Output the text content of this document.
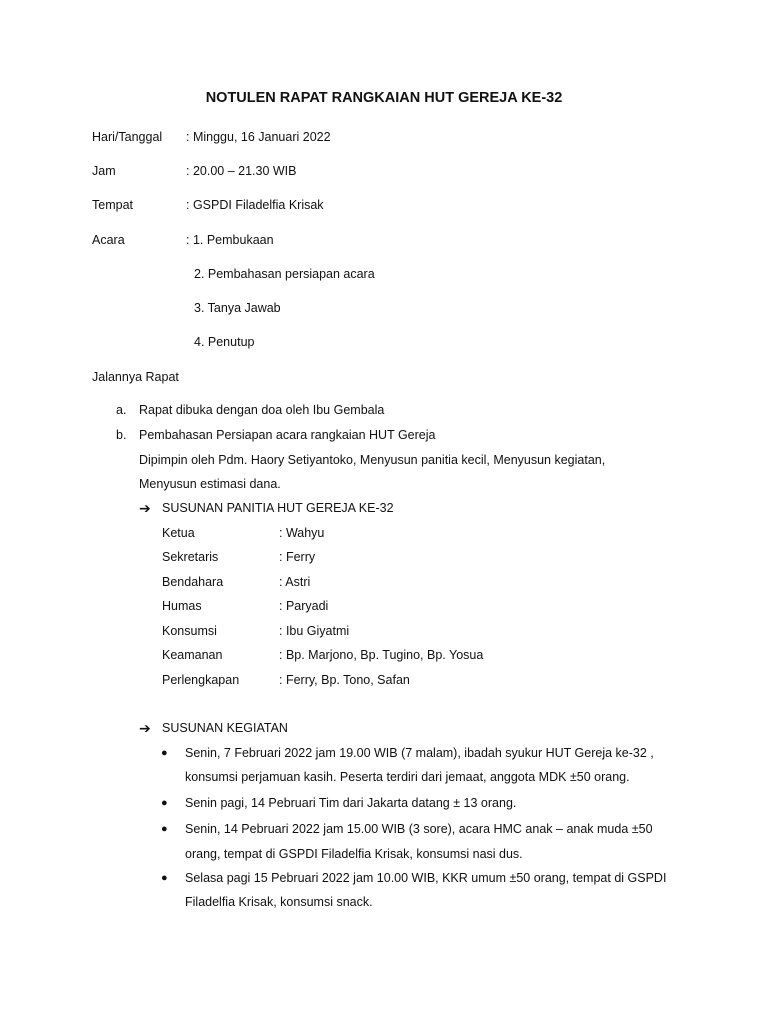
NOTULEN RAPAT RANGKAIAN HUT GEREJA KE-32
Hari/Tanggal : Minggu, 16 Januari 2022
Jam	: 20.00 – 21.30 WIB
Tempat	: GSPDI Filadelfia Krisak
Acara	: 1. Pembukaan
2. Pembahasan persiapan acara
3. Tanya Jawab
4. Penutup
Jalannya Rapat
a. Rapat dibuka dengan doa oleh Ibu Gembala
b. Pembahasan Persiapan acara rangkaian HUT Gereja
Dipimpin oleh Pdm. Haory Setiyantoko, Menyusun panitia kecil, Menyusun kegiatan,
Menyusun estimasi dana.
➔ SUSUNAN PANITIA HUT GEREJA KE-32
Ketua	: Wahyu
Sekretaris	: Ferry
Bendahara	: Astri
Humas	: Paryadi
Konsumsi	: Ibu Giyatmi
Keamanan	: Bp. Marjono, Bp. Tugino, Bp. Yosua
Perlengkapan	: Ferry, Bp. Tono, Safan
➔ SUSUNAN KEGIATAN
● Senin, 7 Februari 2022 jam 19.00 WIB (7 malam), ibadah syukur HUT Gereja ke-32 ,
konsumsi perjamuan kasih. Peserta terdiri dari jemaat, anggota MDK ±50 orang.
● Senin pagi, 14 Pebruari Tim dari Jakarta datang ± 13 orang.
● Senin, 14 Pebruari 2022 jam 15.00 WIB (3 sore), acara HMC anak – anak muda ±50
orang, tempat di GSPDI Filadelfia Krisak, konsumsi nasi dus.
● Selasa pagi 15 Pebruari 2022 jam 10.00 WIB, KKR umum ±50 orang, tempat di GSPDI
Filadelfia Krisak, konsumsi snack.
